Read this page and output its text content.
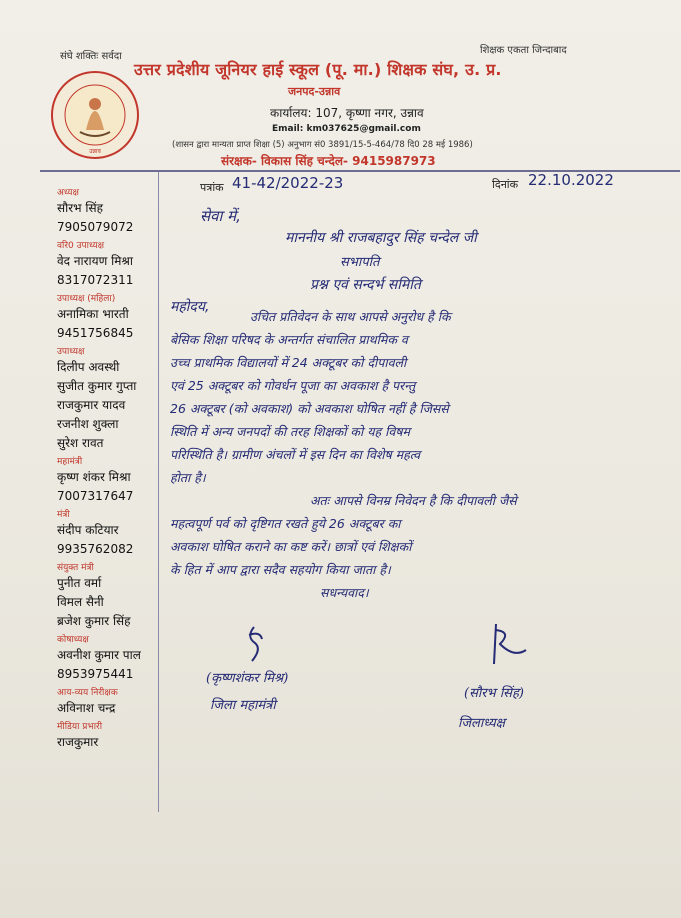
संघे शक्तिः सर्वदा
शिक्षक एकता जिन्दाबाद
उन्नाव
उत्तर प्रदेशीय जूनियर हाई स्कूल (पू. मा.) शिक्षक संघ, उ. प्र.
जनपद-उन्नाव
कार्यालय: 107, कृष्णा नगर, उन्नाव
Email: km037625@gmail.com
(शासन द्वारा मान्यता प्राप्त शिक्षा (5) अनुभाग सं0 3891/15-5-464/78 दि0 28 मई 1986)
संरक्षक- विकास सिंह चन्देल- 9415987973
अध्यक्ष
सौरभ सिंह
7905079072
वरि0 उपाध्यक्ष
वेद नारायण मिश्रा
8317072311
उपाध्यक्ष (महिला)
अनामिका भारती
9451756845
उपाध्यक्ष
दिलीप अवस्थी
सुजीत कुमार गुप्ता
राजकुमार यादव
रजनीश शुक्ला
सुरेश रावत
महामंत्री
कृष्ण शंकर मिश्रा
7007317647
मंत्री
संदीप कटियार
9935762082
संयुक्त मंत्री
पुनीत वर्मा
विमल सैनी
ब्रजेश कुमार सिंह
कोषाध्यक्ष
अवनीश कुमार पाल
8953975441
आय-व्यय निरीक्षक
अविनाश चन्द्र
मीडिया प्रभारी
राजकुमार
पत्रांक 41-42/2022-23	दिनांक 22.10.2022
सेवा में,
माननीय श्री राजबहादुर सिंह चन्देल जी
सभापति
प्रश्न एवं सन्दर्भ समिति
महोदय,
उचित प्रतिवेदन के साथ आपसे अनुरोध है कि
बेसिक शिक्षा परिषद के अन्तर्गत संचालित प्राथमिक व
उच्च प्राथमिक विद्यालयों में 24 अक्टूबर को दीपावली
एवं 25 अक्टूबर को गोवर्धन पूजा का अवकाश है परन्तु
26 अक्टूबर (को अवकाश) को अवकाश घोषित नहीं है जिससे
स्थिति में अन्य जनपदों की तरह शिक्षकों को यह विषम
परिस्थिति है। ग्रामीण अंचलों में इस दिन का विशेष महत्व
होता है।
अतः आपसे विनम्र निवेदन है कि दीपावली जैसे
महत्वपूर्ण पर्व को दृष्टिगत रखते हुये 26 अक्टूबर का
अवकाश घोषित कराने का कष्ट करें। छात्रों एवं शिक्षकों
के हित में आप द्वारा सदैव सहयोग किया जाता है।
सधन्यवाद।
(कृष्णशंकर मिश्र)
जिला महामंत्री
(सौरभ सिंह)
जिलाध्यक्ष
